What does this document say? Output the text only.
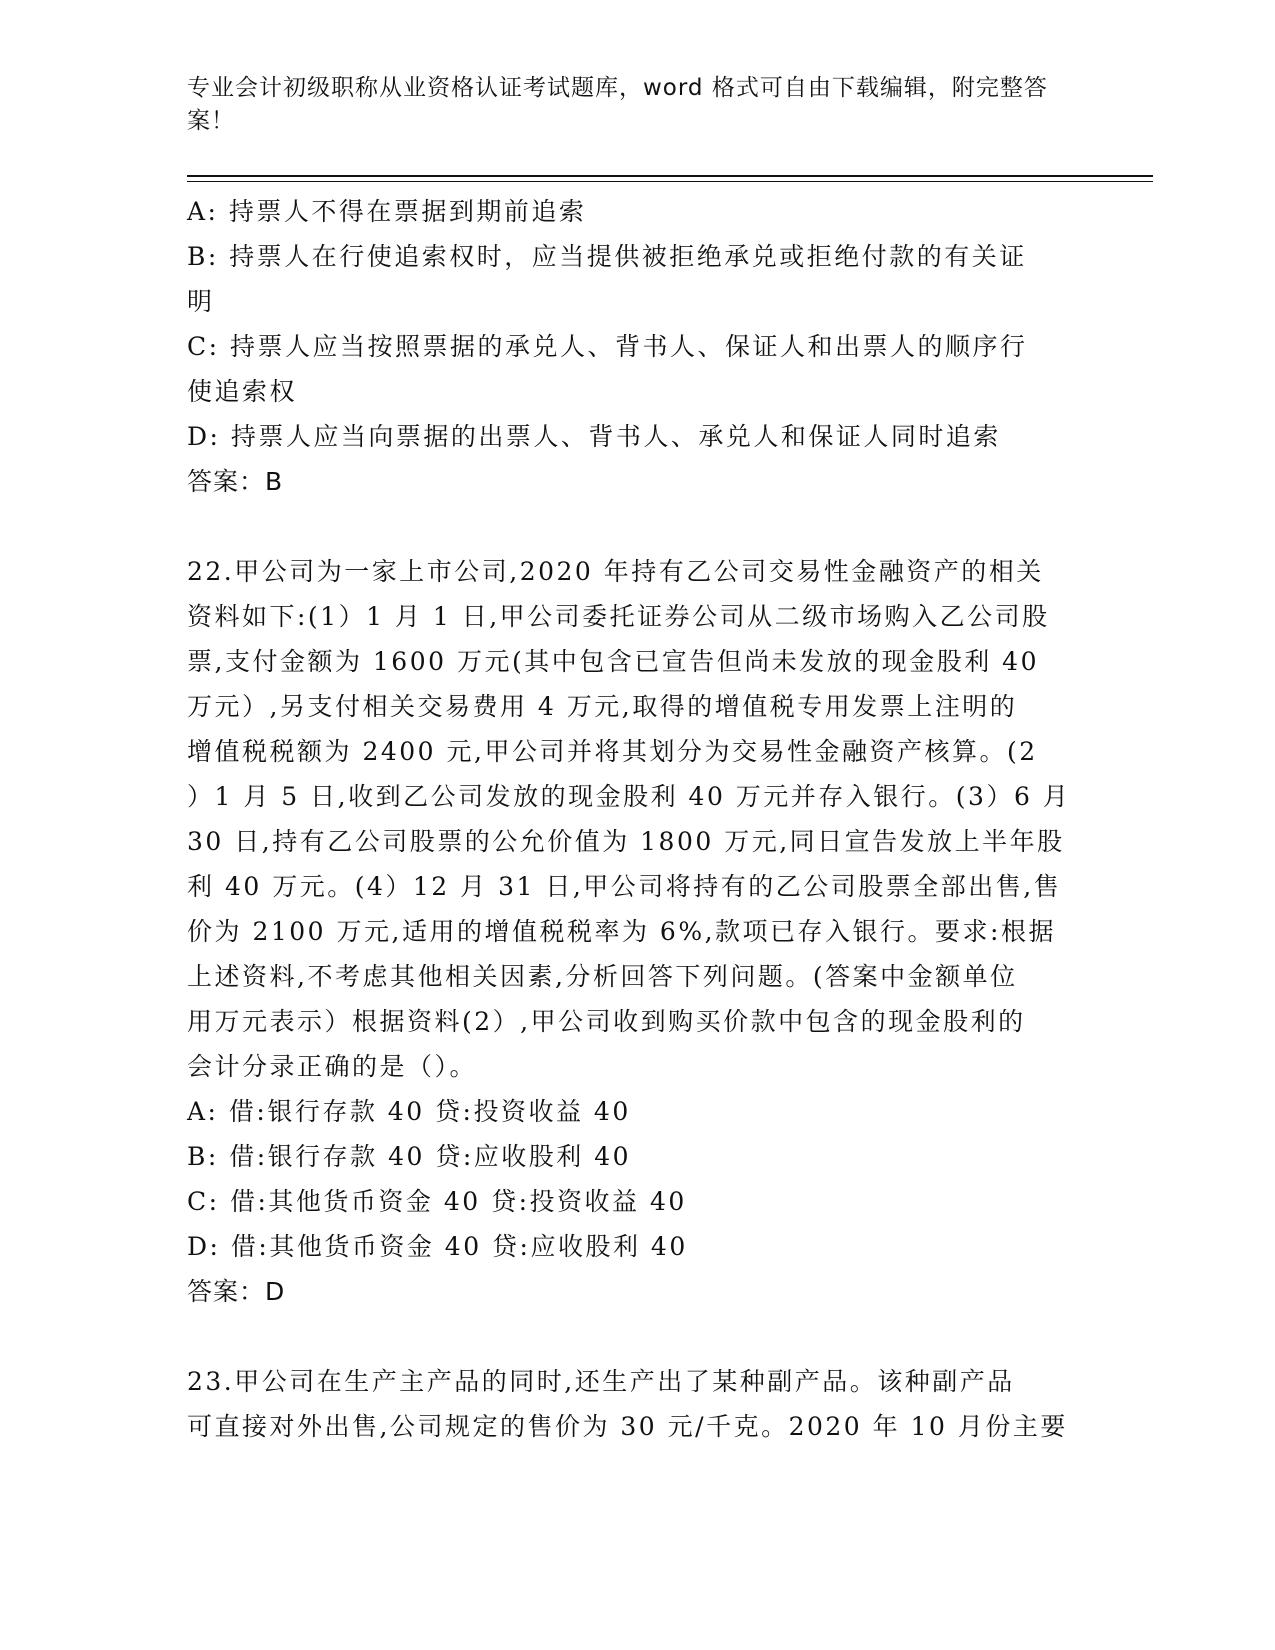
专业会计初级职称从业资格认证考试题库，word 格式可自由下载编辑，附完整答
案！
A: 持票人不得在票据到期前追索
B: 持票人在行使追索权时，应当提供被拒绝承兑或拒绝付款的有关证
明
C: 持票人应当按照票据的承兑人、背书人、保证人和出票人的顺序行
使追索权
D: 持票人应当向票据的出票人、背书人、承兑人和保证人同时追索
答案：B
22.甲公司为一家上市公司,2020 年持有乙公司交易性金融资产的相关
资料如下:(1）1 月 1 日,甲公司委托证券公司从二级市场购入乙公司股
票,支付金额为 1600 万元(其中包含已宣告但尚未发放的现金股利 40
万元）,另支付相关交易费用 4 万元,取得的增值税专用发票上注明的
增值税税额为 2400 元,甲公司并将其划分为交易性金融资产核算。(2
）1 月 5 日,收到乙公司发放的现金股利 40 万元并存入银行。(3）6 月
30 日,持有乙公司股票的公允价值为 1800 万元,同日宣告发放上半年股
利 40 万元。(4）12 月 31 日,甲公司将持有的乙公司股票全部出售,售
价为 2100 万元,适用的增值税税率为 6%,款项已存入银行。要求:根据
上述资料,不考虑其他相关因素,分析回答下列问题。(答案中金额单位
用万元表示）根据资料(2）,甲公司收到购买价款中包含的现金股利的
会计分录正确的是（）。
A: 借:银行存款 40 贷:投资收益 40
B: 借:银行存款 40 贷:应收股利 40
C: 借:其他货币资金 40 贷:投资收益 40
D: 借:其他货币资金 40 贷:应收股利 40
答案：D
23.甲公司在生产主产品的同时,还生产出了某种副产品。该种副产品
可直接对外出售,公司规定的售价为 30 元/千克。2020 年 10 月份主要
